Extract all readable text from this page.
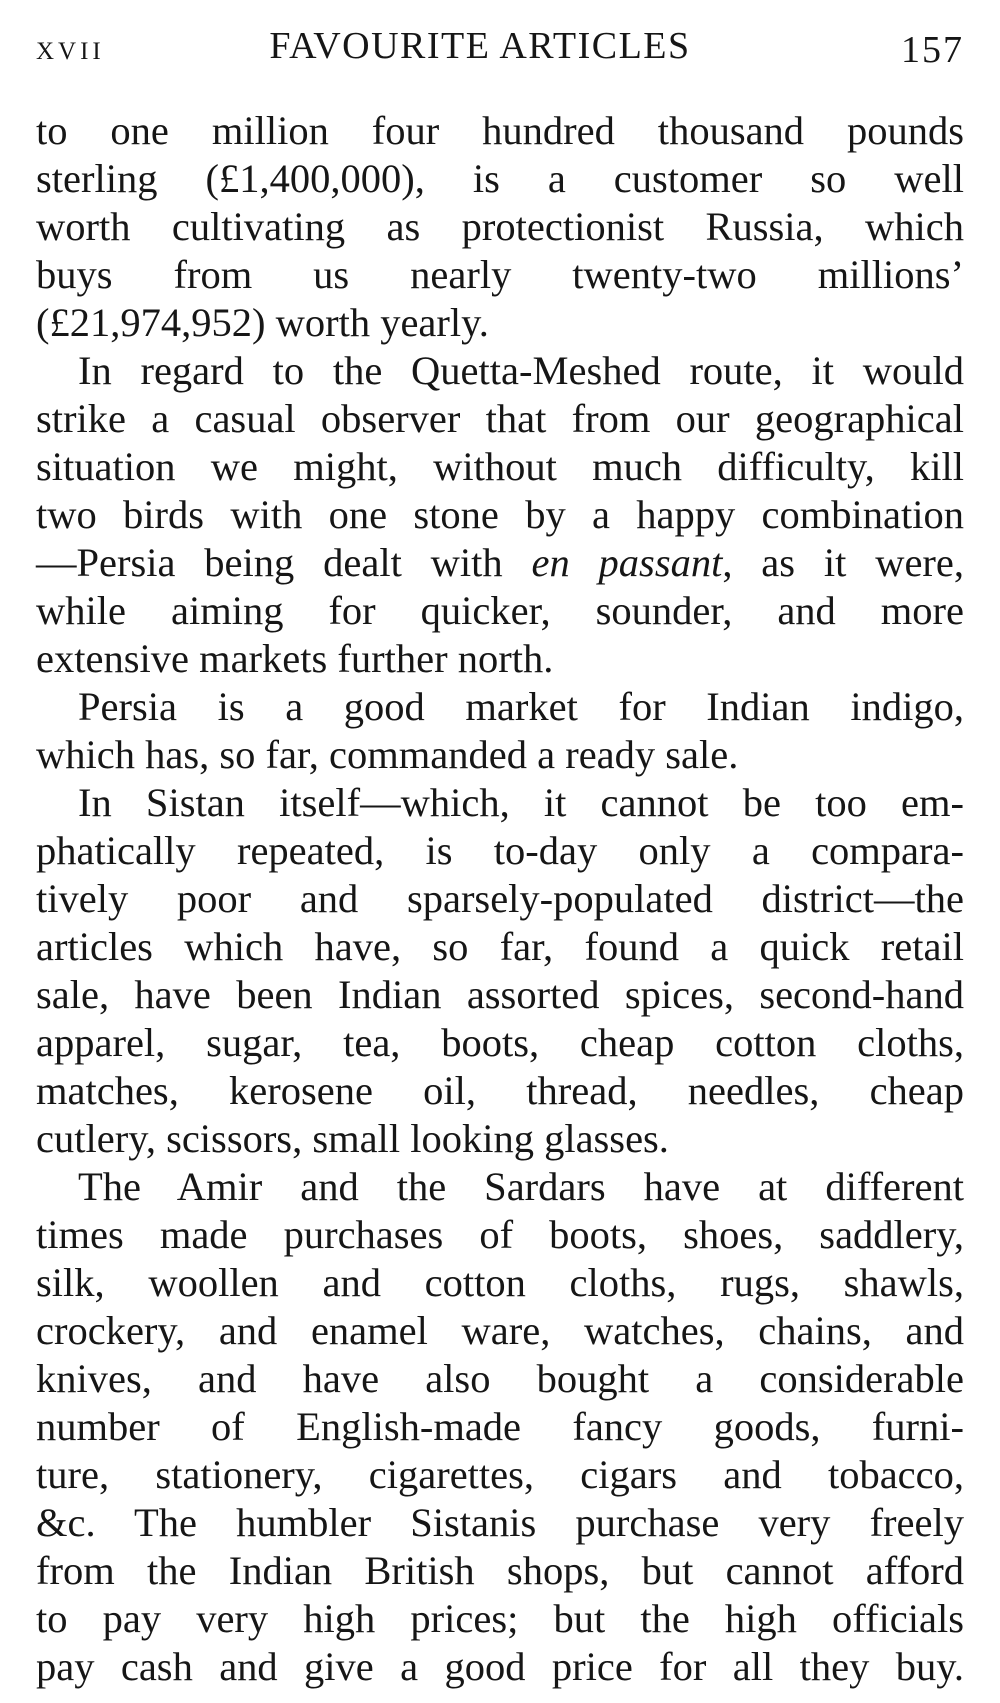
XVII	FAVOURITE ARTICLES	157
to one million four hundred thousand pounds
sterling (£1,400,000), is a customer so well
worth cultivating as protectionist Russia, which
buys from us nearly twenty-two millions’
(£21,974,952) worth yearly.
In regard to the Quetta-Meshed route, it would
strike a casual observer that from our geographical
situation we might, without much difficulty, kill
two birds with one stone by a happy combination
—Persia being dealt with en passant, as it were,
while aiming for quicker, sounder, and more
extensive markets further north.
Persia is a good market for Indian indigo,
which has, so far, commanded a ready sale.
In Sistan itself—which, it cannot be too em-
phatically repeated, is to-day only a compara-
tively poor and sparsely-populated district—the
articles which have, so far, found a quick retail
sale, have been Indian assorted spices, second-hand
apparel, sugar, tea, boots, cheap cotton cloths,
matches, kerosene oil, thread, needles, cheap
cutlery, scissors, small looking glasses.
The Amir and the Sardars have at different
times made purchases of boots, shoes, saddlery,
silk, woollen and cotton cloths, rugs, shawls,
crockery, and enamel ware, watches, chains, and
knives, and have also bought a considerable
number of English-made fancy goods, furni-
ture, stationery, cigarettes, cigars and tobacco,
&c. The humbler Sistanis purchase very freely
from the Indian British shops, but cannot afford
to pay very high prices; but the high officials
pay cash and give a good price for all they buy.
